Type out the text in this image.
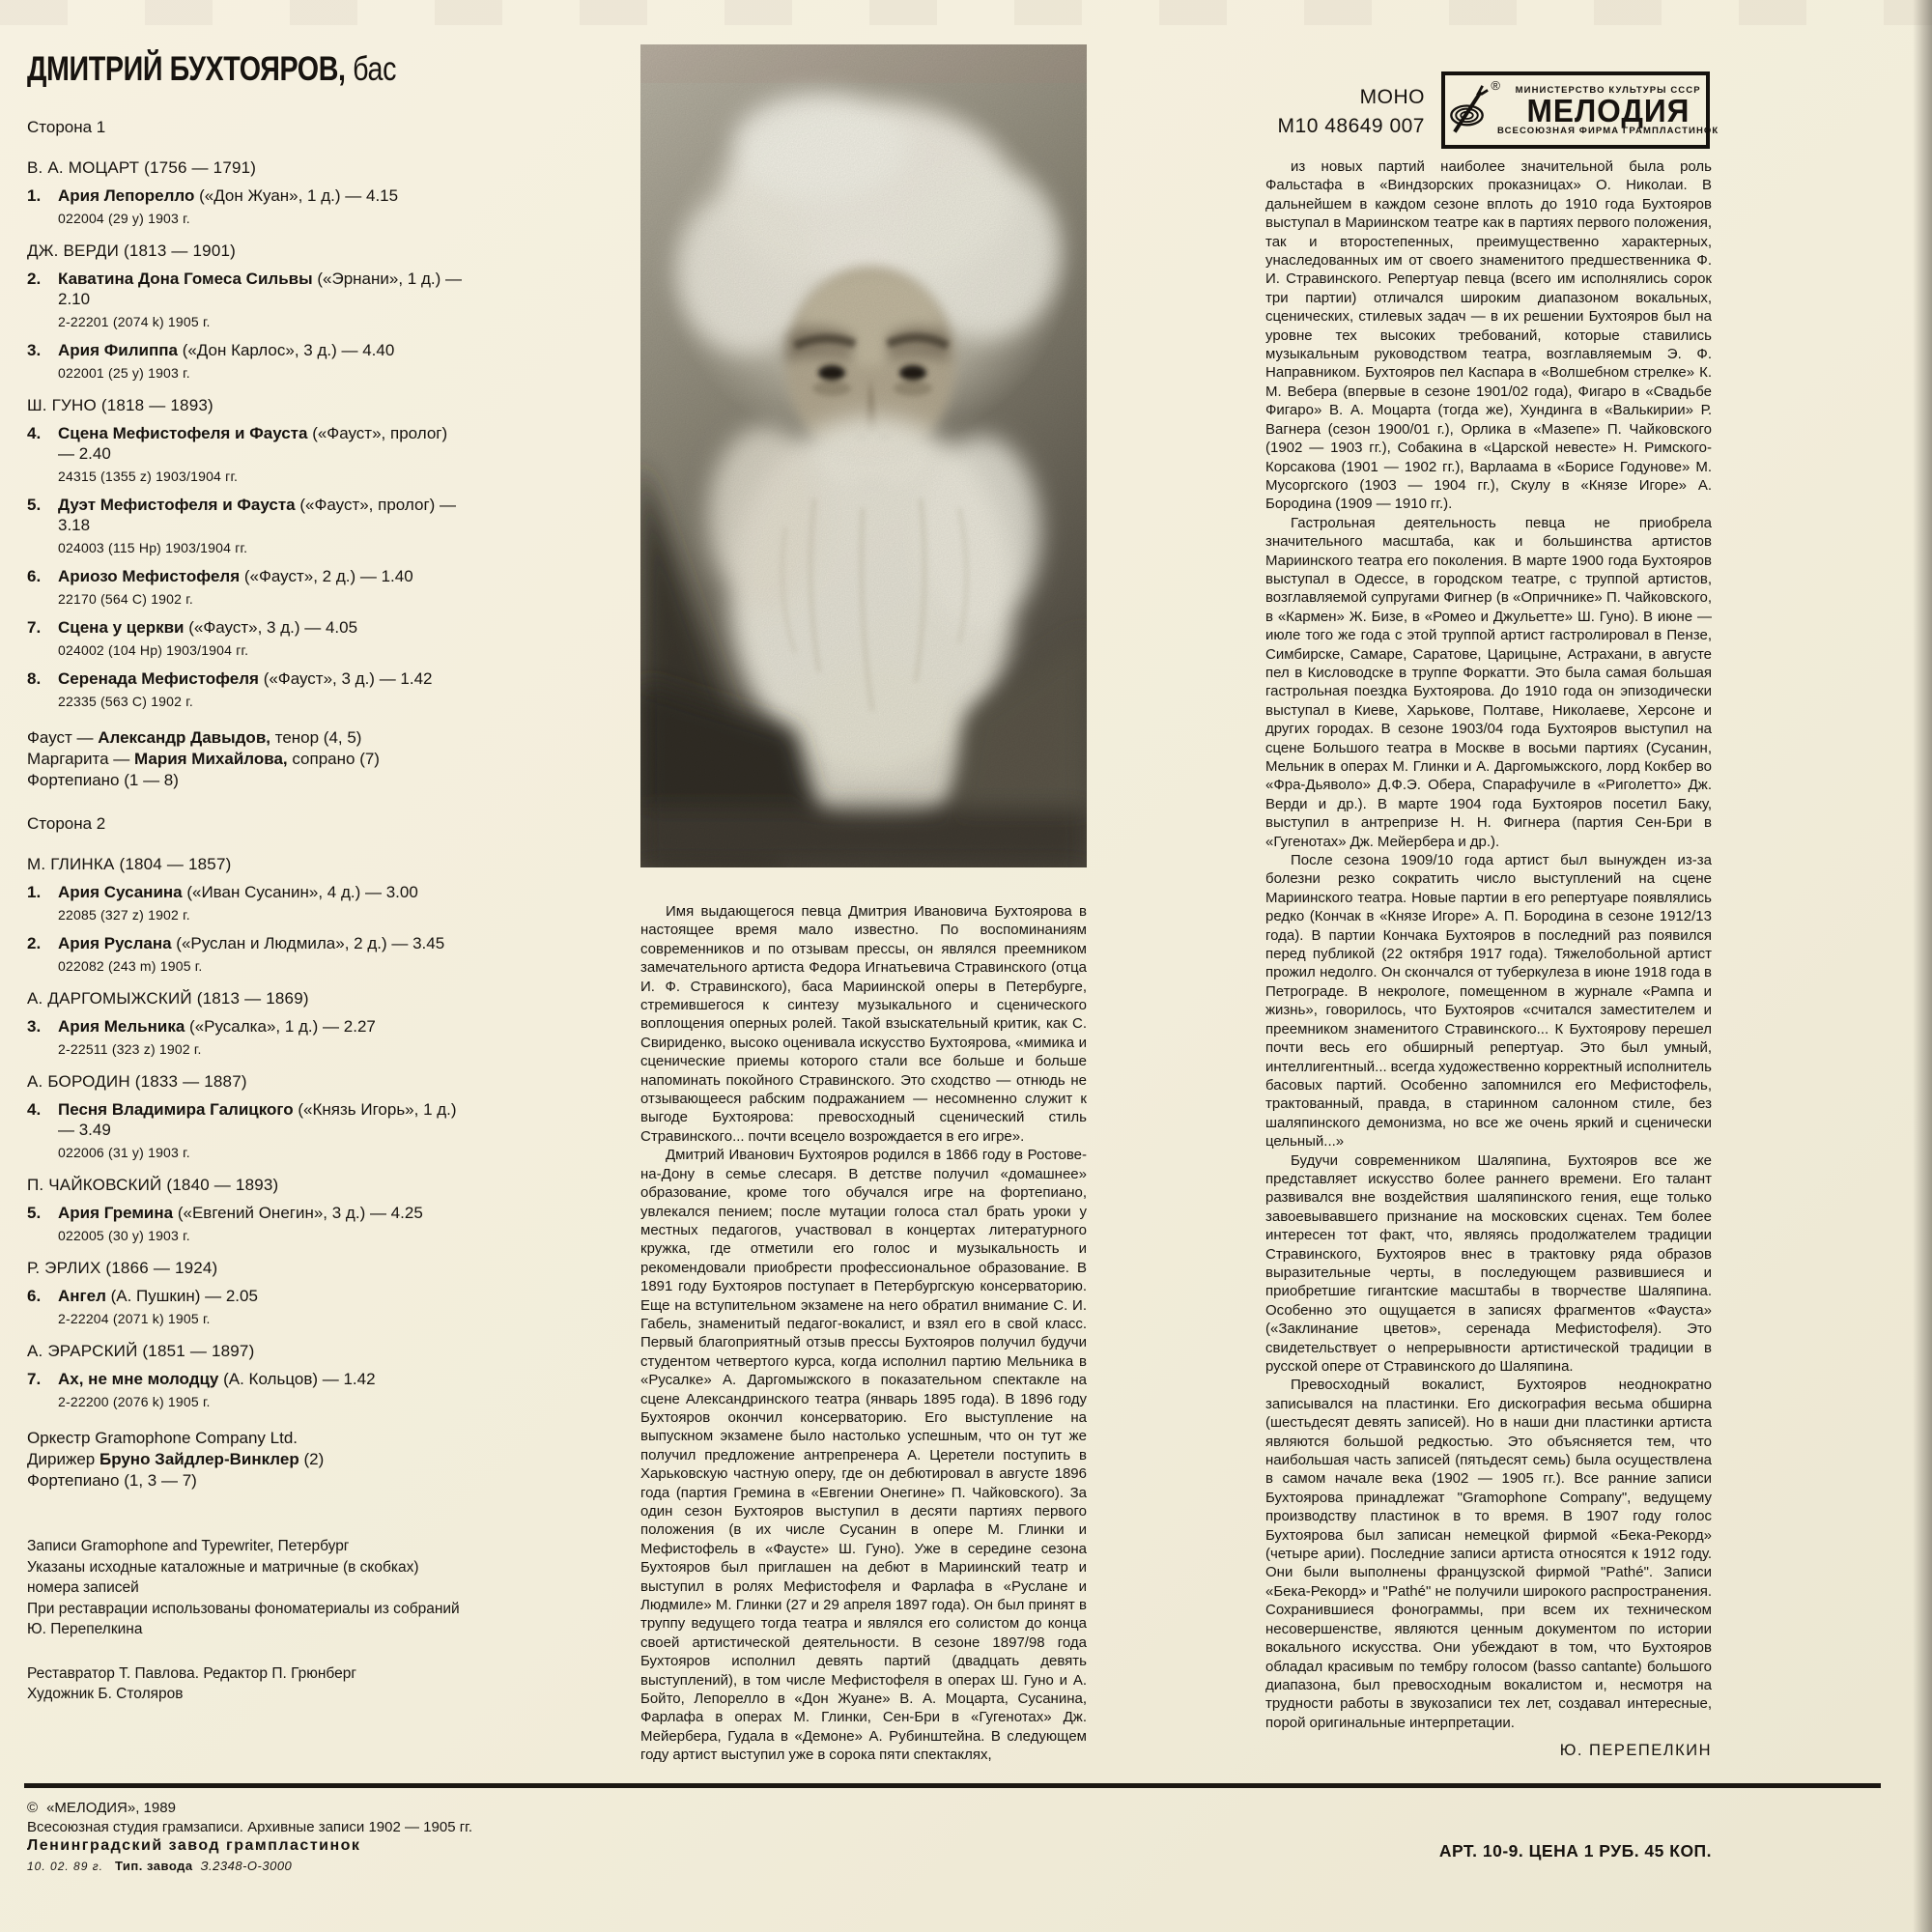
ДМИТРИЙ БУХТОЯРОВ, бас
Сторона 1
В. А. МОЦАРТ (1756 — 1791)
1. Ария Лепорелло («Дон Жуан», 1 д.) — 4.15
022004 (29 у) 1903 г.
ДЖ. ВЕРДИ (1813 — 1901)
2. Каватина Дона Гомеса Сильвы («Эрнани», 1 д.) — 2.10
2-22201 (2074 k) 1905 г.
3. Ария Филиппа («Дон Карлос», 3 д.) — 4.40
022001 (25 у) 1903 г.
Ш. ГУНО (1818 — 1893)
4. Сцена Мефистофеля и Фауста («Фауст», пролог) — 2.40
24315 (1355 z) 1903/1904 гг.
5. Дуэт Мефистофеля и Фауста («Фауст», пролог) — 3.18
024003 (115 Hp) 1903/1904 гг.
6. Ариозо Мефистофеля («Фауст», 2 д.) — 1.40
22170 (564 C) 1902 г.
7. Сцена у церкви («Фауст», 3 д.) — 4.05
024002 (104 Hp) 1903/1904 гг.
8. Серенада Мефистофеля («Фауст», 3 д.) — 1.42
22335 (563 C) 1902 г.
Фауст — Александр Давыдов, тенор (4, 5)
Маргарита — Мария Михайлова, сопрано (7)
Фортепиано (1 — 8)
Сторона 2
М. ГЛИНКА (1804 — 1857)
1. Ария Сусанина («Иван Сусанин», 4 д.) — 3.00
22085 (327 z) 1902 г.
2. Ария Руслана («Руслан и Людмила», 2 д.) — 3.45
022082 (243 m) 1905 г.
А. ДАРГОМЫЖСКИЙ (1813 — 1869)
3. Ария Мельника («Русалка», 1 д.) — 2.27
2-22511 (323 z) 1902 г.
А. БОРОДИН (1833 — 1887)
4. Песня Владимира Галицкого («Князь Игорь», 1 д.) — 3.49
022006 (31 у) 1903 г.
П. ЧАЙКОВСКИЙ (1840 — 1893)
5. Ария Гремина («Евгений Онегин», 3 д.) — 4.25
022005 (30 у) 1903 г.
Р. ЭРЛИХ (1866 — 1924)
6. Ангел (А. Пушкин) — 2.05
2-22204 (2071 k) 1905 г.
А. ЭРАРСКИЙ (1851 — 1897)
7. Ах, не мне молодцу (А. Кольцов) — 1.42
2-22200 (2076 k) 1905 г.
Оркестр Gramophone Company Ltd.
Дирижер Бруно Зайдлер-Винклер (2)
Фортепиано (1, 3 — 7)
Записи Gramophone and Typewriter, Петербург
Указаны исходные каталожные и матричные (в скобках) номера записей
При реставрации использованы фономатериалы из собраний Ю. Перепелкина
Реставратор Т. Павлова. Редактор П. Грюнберг
Художник Б. Столяров

Имя выдающегося певца Дмитрия Ивановича Бухтоярова в настоящее время мало известно. По воспоминаниям современников и по отзывам прессы, он являлся преемником замечательного артиста Федора Игнатьевича Стравинского (отца И. Ф. Стравинского), баса Мариинской оперы в Петербурге, стремившегося к синтезу музыкального и сценического воплощения оперных ролей. Такой взыскательный критик, как С. Свириденко, высоко оценивала искусство Бухтоярова, «мимика и сценические приемы которого стали все больше и больше напоминать покойного Стравинского. Это сходство — отнюдь не отзывающееся рабским подражанием — несомненно служит к выгоде Бухтоярова: превосходный сценический стиль Стравинского... почти всецело возрождается в его игре».

Дмитрий Иванович Бухтояров родился в 1866 году в Ростове-на-Дону в семье слесаря. В детстве получил «домашнее» образование, кроме того обучался игре на фортепиано, увлекался пением; после мутации голоса стал брать уроки у местных педагогов, участвовал в концертах литературного кружка, где отметили его голос и музыкальность и рекомендовали приобрести профессиональное образование. В 1891 году Бухтояров поступает в Петербургскую консерваторию. Еще на вступительном экзамене на него обратил внимание С. И. Габель, знаменитый педагог-вокалист, и взял его в свой класс. Первый благоприятный отзыв прессы Бухтояров получил будучи студентом четвертого курса, когда исполнил партию Мельника в «Русалке» А. Даргомыжского в показательном спектакле на сцене Александринского театра (январь 1895 года). В 1896 году Бухтояров окончил консерваторию. Его выступление на выпускном экзамене было настолько успешным, что он тут же получил предложение антрепренера А. Церетели поступить в Харьковскую частную оперу, где он дебютировал в августе 1896 года (партия Гремина в «Евгении Онегине» П. Чайковского). За один сезон Бухтояров выступил в десяти партиях первого положения (в их числе Сусанин в опере М. Глинки и Мефистофель в «Фаусте» Ш. Гуно). Уже в середине сезона Бухтояров был приглашен на дебют в Мариинский театр и выступил в ролях Мефистофеля и Фарлафа в «Руслане и Людмиле» М. Глинки (27 и 29 апреля 1897 года). Он был принят в труппу ведущего тогда театра и являлся его солистом до конца своей артистической деятельности. В сезоне 1897/98 года Бухтояров исполнил девять партий (двадцать девять выступлений), в том числе Мефистофеля в операх Ш. Гуно и А. Бойто, Лепорелло в «Дон Жуане» В. А. Моцарта, Сусанина, Фарлафа в операх М. Глинки, Сен-Бри в «Гугенотах» Дж. Мейербера, Гудала в «Демоне» А. Рубинштейна. В следующем году артист выступил уже в сорока пяти спектаклях,

МОНО
М10 48649 007
® МИНИСТЕРСТВО КУЛЬТУРЫ СССР
МЕЛОДИЯ
ВСЕСОЮЗНАЯ ФИРМА ГРАМПЛАСТИНОК

из новых партий наиболее значительной была роль Фальстафа в «Виндзорских проказницах» О. Николаи. В дальнейшем в каждом сезоне вплоть до 1910 года Бухтояров выступал в Мариинском театре как в партиях первого положения, так и второстепенных, преимущественно характерных, унаследованных им от своего знаменитого предшественника Ф. И. Стравинского. Репертуар певца (всего им исполнялись сорок три партии) отличался широким диапазоном вокальных, сценических, стилевых задач — в их решении Бухтояров был на уровне тех высоких требований, которые ставились музыкальным руководством театра, возглавляемым Э. Ф. Направником. Бухтояров пел Каспара в «Волшебном стрелке» К. М. Вебера (впервые в сезоне 1901/02 года), Фигаро в «Свадьбе Фигаро» В. А. Моцарта (тогда же), Хундинга в «Валькирии» Р. Вагнера (сезон 1900/01 г.), Орлика в «Мазепе» П. Чайковского (1902 — 1903 гг.), Собакина в «Царской невесте» Н. Римского-Корсакова (1901 — 1902 гг.), Варлаама в «Борисе Годунове» М. Мусоргского (1903 — 1904 гг.), Скулу в «Князе Игоре» А. Бородина (1909 — 1910 гг.).

Гастрольная деятельность певца не приобрела значительного масштаба, как и большинства артистов Мариинского театра его поколения. В марте 1900 года Бухтояров выступал в Одессе, в городском театре, с труппой артистов, возглавляемой супругами Фигнер (в «Опричнике» П. Чайковского, в «Кармен» Ж. Бизе, в «Ромео и Джульетте» Ш. Гуно). В июне — июле того же года с этой труппой артист гастролировал в Пензе, Симбирске, Самаре, Саратове, Царицыне, Астрахани, в августе пел в Кисловодске в труппе Форкатти. Это была самая большая гастрольная поездка Бухтоярова. До 1910 года он эпизодически выступал в Киеве, Харькове, Полтаве, Николаеве, Херсоне и других городах. В сезоне 1903/04 года Бухтояров выступил на сцене Большого театра в Москве в восьми партиях (Сусанин, Мельник в операх М. Глинки и А. Даргомыжского, лорд Кокбер во «Фра-Дьяволо» Д.Ф.Э. Обера, Спарафучиле в «Риголетто» Дж. Верди и др.). В марте 1904 года Бухтояров посетил Баку, выступил в антрепризе Н. Н. Фигнера (партия Сен-Бри в «Гугенотах» Дж. Мейербера и др.).

После сезона 1909/10 года артист был вынужден из-за болезни резко сократить число выступлений на сцене Мариинского театра. Новые партии в его репертуаре появлялись редко (Кончак в «Князе Игоре» А. П. Бородина в сезоне 1912/13 года). В партии Кончака Бухтояров в последний раз появился перед публикой (22 октября 1917 года). Тяжелобольной артист прожил недолго. Он скончался от туберкулеза в июне 1918 года в Петрограде. В некрологе, помещенном в журнале «Рампа и жизнь», говорилось, что Бухтояров «считался заместителем и преемником знаменитого Стравинского... К Бухтоярову перешел почти весь его обширный репертуар. Это был умный, интеллигентный... всегда художественно корректный исполнитель басовых партий. Особенно запомнился его Мефистофель, трактованный, правда, в старинном салонном стиле, без шаляпинского демонизма, но все же очень яркий и сценически цельный...»

Будучи современником Шаляпина, Бухтояров все же представляет искусство более раннего времени. Его талант развивался вне воздействия шаляпинского гения, еще только завоевывавшего признание на московских сценах. Тем более интересен тот факт, что, являясь продолжателем традиции Стравинского, Бухтояров внес в трактовку ряда образов выразительные черты, в последующем развившиеся и приобретшие гигантские масштабы в творчестве Шаляпина. Особенно это ощущается в записях фрагментов «Фауста» («Заклинание цветов», серенада Мефистофеля). Это свидетельствует о непрерывности артистической традиции в русской опере от Стравинского до Шаляпина.

Превосходный вокалист, Бухтояров неоднократно записывался на пластинки. Его дискография весьма обширна (шестьдесят девять записей). Но в наши дни пластинки артиста являются большой редкостью. Это объясняется тем, что наибольшая часть записей (пятьдесят семь) была осуществлена в самом начале века (1902 — 1905 гг.). Все ранние записи Бухтоярова принадлежат "Gramophone Company", ведущему производству пластинок в то время. В 1907 году голос Бухтоярова был записан немецкой фирмой «Бека-Рекорд» (четыре арии). Последние записи артиста относятся к 1912 году. Они были выполнены французской фирмой "Pathé". Записи «Бека-Рекорд» и "Pathé" не получили широкого распространения. Сохранившиеся фонограммы, при всем их техническом несовершенстве, являются ценным документом по истории вокального искусства. Они убеждают в том, что Бухтояров обладал красивым по тембру голосом (basso cantante) большого диапазона, был превосходным вокалистом и, несмотря на трудности работы в звукозаписи тех лет, создавал интересные, порой оригинальные интерпретации.

Ю. ПЕРЕПЕЛКИН
© «МЕЛОДИЯ», 1989
Всесоюзная студия грамзаписи. Архивные записи 1902 — 1905 гг.
Ленинградский завод грампластинок
10. 02. 89 г. Тип. завода З.2348-О-3000
АРТ. 10-9. ЦЕНА 1 РУБ. 45 КОП.
